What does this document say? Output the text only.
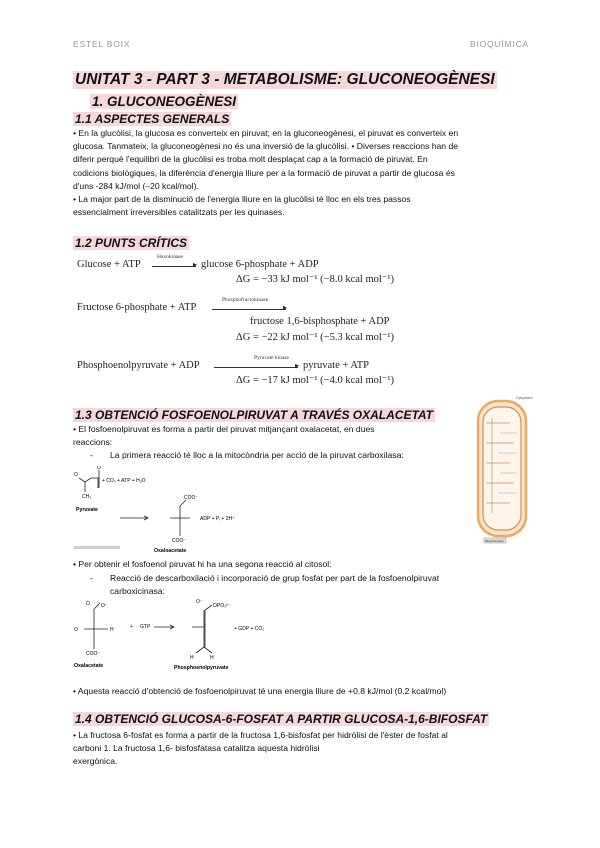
ESTEL BOIX	BIOQUÍMICA
UNITAT 3 - PART 3 - METABOLISME: GLUCONEOGÈNESI
1. GLUCONEOGÈNESI
1.1 ASPECTES GENERALS

• En la glucòlisi, la glucosa es converteix en piruvat; en la gluconeogènesi, el piruvat es converteix en

glucosa. Tanmateix, la gluconeogènesi no és una inversió de la glucòlisi. • Diverses reaccions han de

diferir perquè l'equilibri de la glucòlisi es troba molt desplaçat cap a la formació de piruvat. En

codicions biològiques, la diferència d'energia lliure per a la formació de piruvat a partir de glucosa és

d'uns -284 kJ/mol (–20 kcal/mol).

• La major part de la disminució de l'energia lliure en la glucòlisi té lloc en els tres passos

essencialment irreversibles catalitzats per les quinases.

1.2 PUNTS CRÍTICS
Glucose + ATP
Hexokinase
▸ glucose 6-phosphate + ADP
ΔG = −33 kJ mol⁻¹ (−8.0 kcal mol⁻¹)
Fructose 6-phosphate + ATP
Phosphofructokinase
▸
fructose 1,6-bisphosphate + ADP
ΔG = −22 kJ mol⁻¹ (−5.3 kcal mol⁻¹)
Phosphoenolpyruvate + ADP
Pyruvate kinase
▸ pyruvate + ATP
ΔG = −17 kJ mol⁻¹ (−4.0 kcal mol⁻¹)
1.3 OBTENCIÓ FOSFOENOLPIRUVAT A TRAVÉS OXALACETAT

• El fosfoenolpiruvat es forma a partir del piruvat mitjançant oxalacetat, en dues

reaccions:

- La primera reacció té lloc a la mitocòndria per acció de la piruvat carboxilasa:
Cytoplasm
Mitochondrion
O
O
CH₃
+ CO₂ + ATP + H₂O
Pyruvate
COO⁻
COO⁻
ADP + Pᵢ + 2H⁺
Oxaloacetate

• Per obtenir el fosfoenol piruvat hi ha una segona reacció al citosol:

- Reacció de descarboxilació i incorporació de grup fosfat per part de la fosfoenolpiruvat
carboxicinasa:
O O⁻
O	H
COO⁻
+ GTP
O⁻
OPO₃²⁻
H	H
+ GDP + CO₂
Oxalacetate	Phosphoenolpyruvate

• Aquesta reacció d'obtenció de fosfoenolpiruvat té una energia lliure de +0.8 kJ/mol (0.2 kcal/mol)

1.4 OBTENCIÓ GLUCOSA-6-FOSFAT A PARTIR GLUCOSA-1,6-BIFOSFAT

• La fructosa 6-fosfat es forma a partir de la fructosa 1,6-bisfosfat per hidròlisi de l'èster de fosfat al

carboni 1. La fructosa 1,6- bisfosfatasa catalitza aquesta hidròlisi

exergònica.
